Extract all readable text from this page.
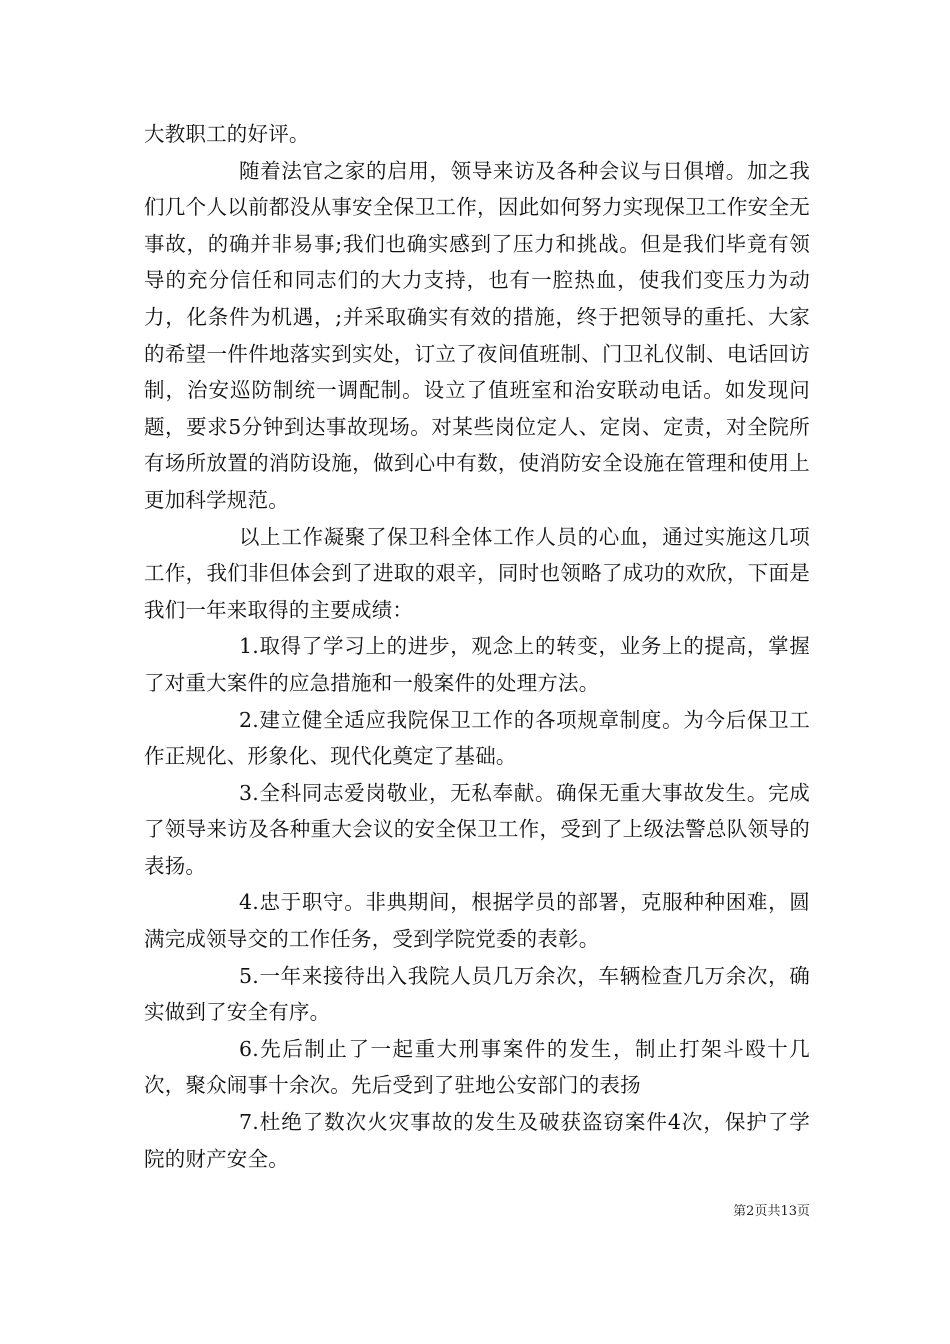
大教职工的好评。

随着法官之家的启用，领导来访及各种会议与日俱增。加之我们几个人以前都没从事安全保卫工作，因此如何努力实现保卫工作安全无事故，的确并非易事;我们也确实感到了压力和挑战。但是我们毕竟有领导的充分信任和同志们的大力支持，也有一腔热血，使我们变压力为动力，化条件为机遇，;并采取确实有效的措施，终于把领导的重托、大家的希望一件件地落实到实处，订立了夜间值班制、门卫礼仪制、电话回访制，治安巡防制统一调配制。设立了值班室和治安联动电话。如发现问题，要求5分钟到达事故现场。对某些岗位定人、定岗、定责，对全院所有场所放置的消防设施，做到心中有数，使消防安全设施在管理和使用上更加科学规范。

以上工作凝聚了保卫科全体工作人员的心血，通过实施这几项工作，我们非但体会到了进取的艰辛，同时也领略了成功的欢欣，下面是我们一年来取得的主要成绩：

1.取得了学习上的进步，观念上的转变，业务上的提高，掌握了对重大案件的应急措施和一般案件的处理方法。

2.建立健全适应我院保卫工作的各项规章制度。为今后保卫工作正规化、形象化、现代化奠定了基础。

3.全科同志爱岗敬业，无私奉献。确保无重大事故发生。完成了领导来访及各种重大会议的安全保卫工作，受到了上级法警总队领导的表扬。

4.忠于职守。非典期间，根据学员的部署，克服种种困难，圆满完成领导交的工作任务，受到学院党委的表彰。

5.一年来接待出入我院人员几万余次，车辆检查几万余次，确实做到了安全有序。

6.先后制止了一起重大刑事案件的发生，制止打架斗殴十几次，聚众闹事十余次。先后受到了驻地公安部门的表扬

7.杜绝了数次火灾事故的发生及破获盗窃案件4次，保护了学院的财产安全。

第2页共13页
